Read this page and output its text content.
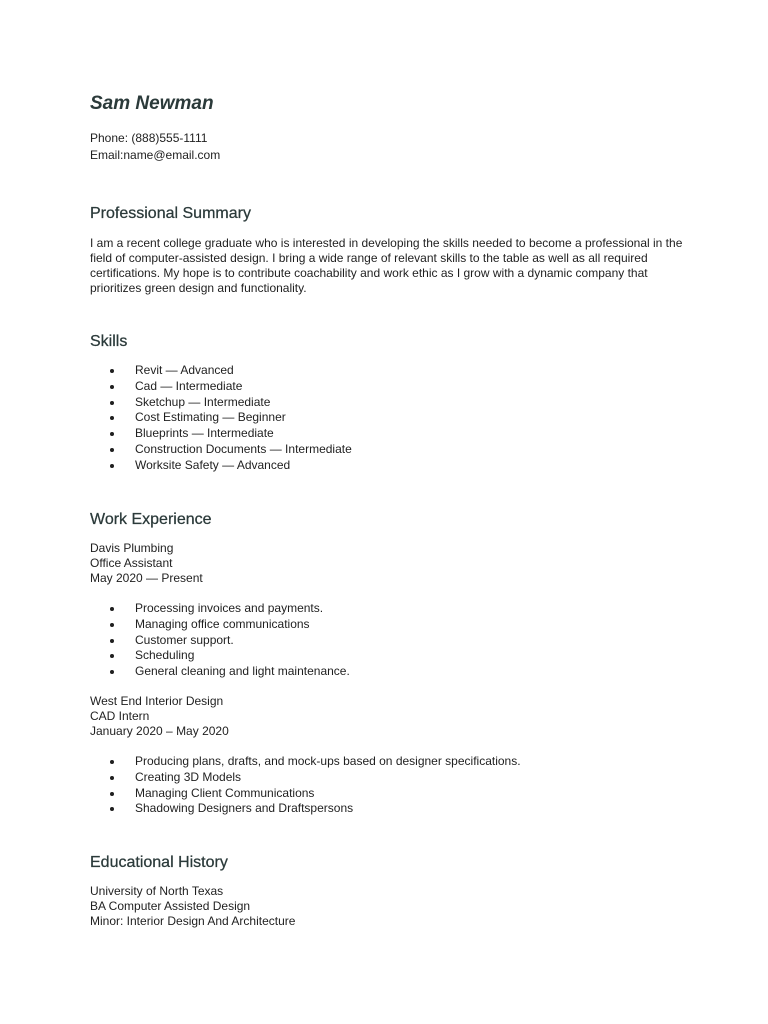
Sam Newman
Phone: (888)555-1111
Email:name@email.com
Professional Summary

I am a recent college graduate who is interested in developing the skills needed to become a professional in the field of computer-assisted design. I bring a wide range of relevant skills to the table as well as all required certifications. My hope is to contribute coachability and work ethic as I grow with a dynamic company that prioritizes green design and functionality.

Skills
Revit — Advanced
Cad — Intermediate
Sketchup — Intermediate
Cost Estimating — Beginner
Blueprints — Intermediate
Construction Documents — Intermediate
Worksite Safety — Advanced
Work Experience
Davis Plumbing
Office Assistant
May 2020 — Present
Processing invoices and payments.
Managing office communications
Customer support.
Scheduling
General cleaning and light maintenance.
West End Interior Design
CAD Intern
January 2020 – May 2020
Producing plans, drafts, and mock-ups based on designer specifications.
Creating 3D Models
Managing Client Communications
Shadowing Designers and Draftspersons
Educational History
University of North Texas
BA Computer Assisted Design
Minor: Interior Design And Architecture
